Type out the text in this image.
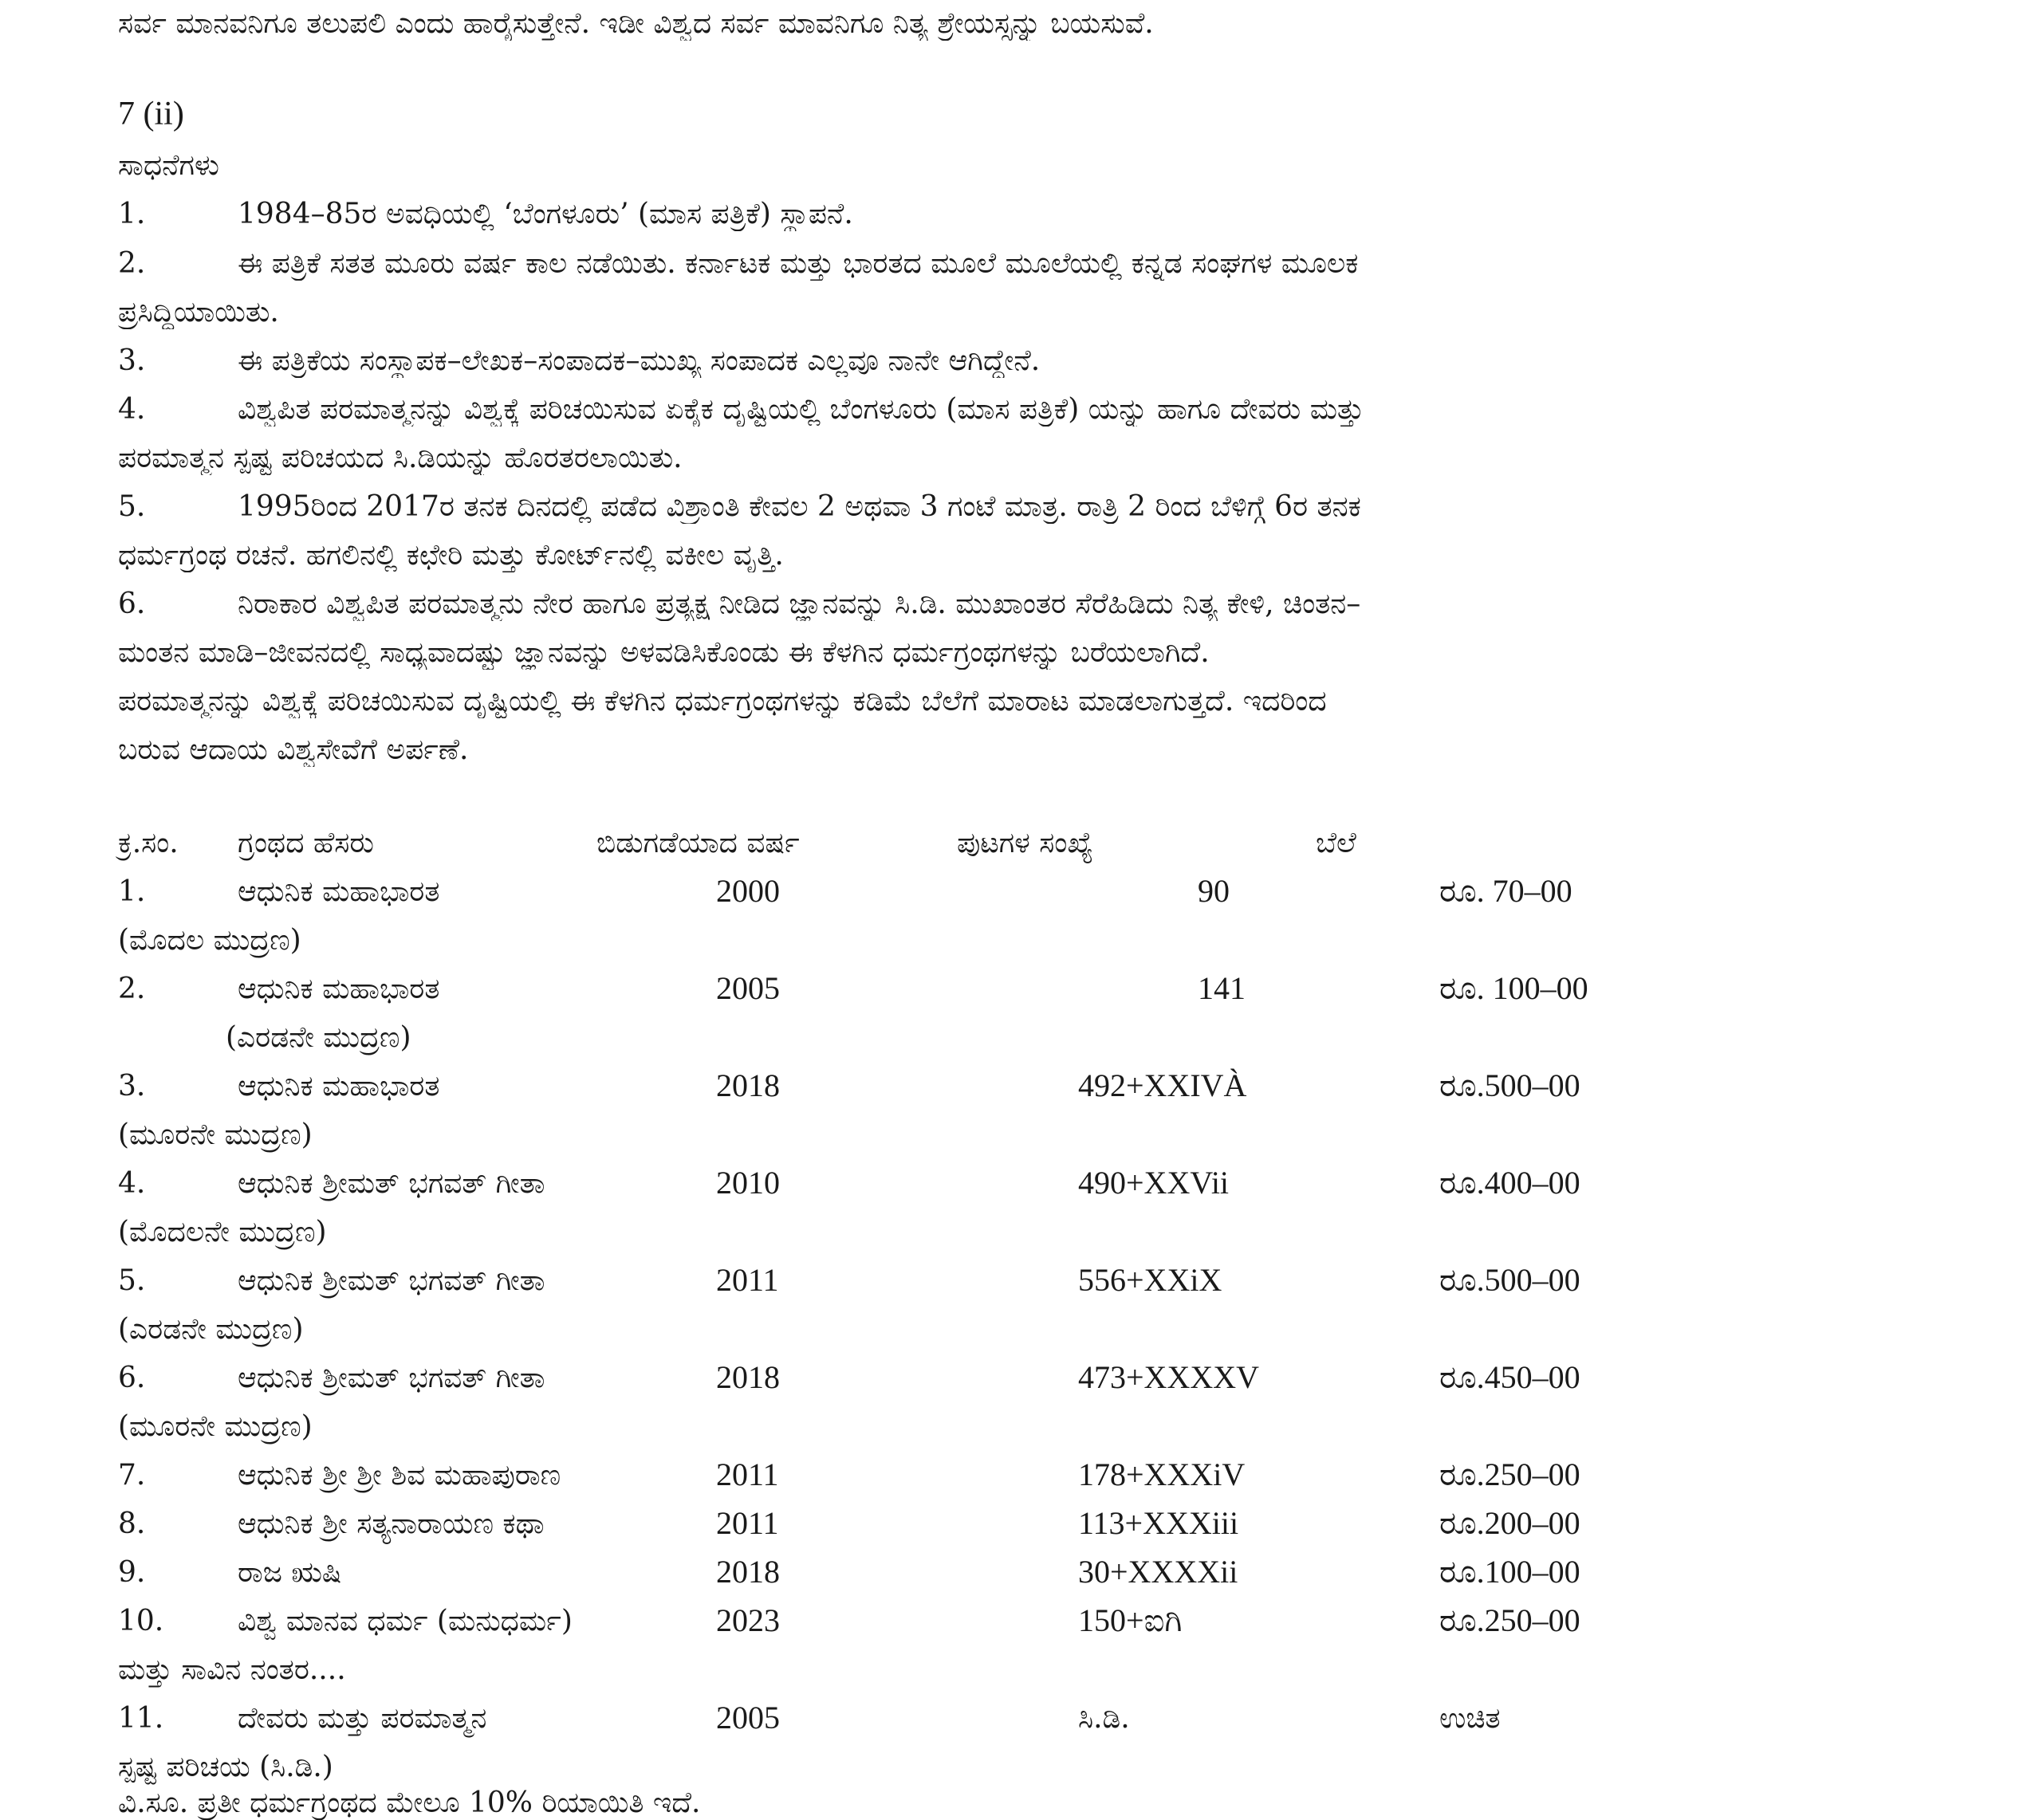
ಸರ್ವ ಮಾನವನಿಗೂ ತಲುಪಲಿ ಎಂದು ಹಾರೈಸುತ್ತೇನೆ. ಇಡೀ ವಿಶ್ವದ ಸರ್ವ ಮಾವನಿಗೂ ನಿತ್ಯ ಶ್ರೇಯಸ್ಸನ್ನು ಬಯಸುವೆ.
7 (ii)
ಸಾಧನೆಗಳು
1.	1984–85ರ ಅವಧಿಯಲ್ಲಿ ‘ಬೆಂಗಳೂರು’ (ಮಾಸ ಪತ್ರಿಕೆ) ಸ್ಥಾಪನೆ.
2.	ಈ ಪತ್ರಿಕೆ ಸತತ ಮೂರು ವರ್ಷ ಕಾಲ ನಡೆಯಿತು. ಕರ್ನಾಟಕ ಮತ್ತು ಭಾರತದ ಮೂಲೆ ಮೂಲೆಯಲ್ಲಿ ಕನ್ನಡ ಸಂಘಗಳ ಮೂಲಕ
ಪ್ರಸಿದ್ಧಿಯಾಯಿತು.
3.	ಈ ಪತ್ರಿಕೆಯ ಸಂಸ್ಥಾಪಕ–ಲೇಖಕ–ಸಂಪಾದಕ–ಮುಖ್ಯ ಸಂಪಾದಕ ಎಲ್ಲವೂ ನಾನೇ ಆಗಿದ್ದೇನೆ.
4.	ವಿಶ್ವಪಿತ ಪರಮಾತ್ಮನನ್ನು ವಿಶ್ವಕ್ಕೆ ಪರಿಚಯಿಸುವ ಏಕೈಕ ದೃಷ್ಟಿಯಲ್ಲಿ ಬೆಂಗಳೂರು (ಮಾಸ ಪತ್ರಿಕೆ) ಯನ್ನು ಹಾಗೂ ದೇವರು ಮತ್ತು
ಪರಮಾತ್ಮನ ಸ್ಪಷ್ಟ ಪರಿಚಯದ ಸಿ.ಡಿಯನ್ನು ಹೊರತರಲಾಯಿತು.
5.	1995ರಿಂದ 2017ರ ತನಕ ದಿನದಲ್ಲಿ ಪಡೆದ ವಿಶ್ರಾಂತಿ ಕೇವಲ 2 ಅಥವಾ 3 ಗಂಟೆ ಮಾತ್ರ. ರಾತ್ರಿ 2 ರಿಂದ ಬೆಳಿಗ್ಗೆ 6ರ ತನಕ
ಧರ್ಮಗ್ರಂಥ ರಚನೆ. ಹಗಲಿನಲ್ಲಿ ಕಛೇರಿ ಮತ್ತು ಕೋರ್ಟ್‌ನಲ್ಲಿ ವಕೀಲ ವೃತ್ತಿ.
6.	ನಿರಾಕಾರ ವಿಶ್ವಪಿತ ಪರಮಾತ್ಮನು ನೇರ ಹಾಗೂ ಪ್ರತ್ಯಕ್ಷ ನೀಡಿದ ಜ್ಞಾನವನ್ನು ಸಿ.ಡಿ. ಮುಖಾಂತರ ಸೆರೆಹಿಡಿದು ನಿತ್ಯ ಕೇಳಿ, ಚಿಂತನ–
ಮಂತನ ಮಾಡಿ–ಜೀವನದಲ್ಲಿ ಸಾಧ್ಯವಾದಷ್ಟು ಜ್ಞಾನವನ್ನು ಅಳವಡಿಸಿಕೊಂಡು ಈ ಕೆಳಗಿನ ಧರ್ಮಗ್ರಂಥಗಳನ್ನು ಬರೆಯಲಾಗಿದೆ.
ಪರಮಾತ್ಮನನ್ನು ವಿಶ್ವಕ್ಕೆ ಪರಿಚಯಿಸುವ ದೃಷ್ಟಿಯಲ್ಲಿ ಈ ಕೆಳಗಿನ ಧರ್ಮಗ್ರಂಥಗಳನ್ನು ಕಡಿಮೆ ಬೆಲೆಗೆ ಮಾರಾಟ ಮಾಡಲಾಗುತ್ತದೆ. ಇದರಿಂದ
ಬರುವ ಆದಾಯ ವಿಶ್ವಸೇವೆಗೆ ಅರ್ಪಣೆ.
ಕ್ರ.ಸಂ. ಗ್ರಂಥದ ಹೆಸರು	ಬಿಡುಗಡೆಯಾದ ವರ್ಷ	ಪುಟಗಳ ಸಂಖ್ಯೆ	ಬೆಲೆ
1.	ಆಧುನಿಕ ಮಹಾಭಾರತ	2000	90	ರೂ. 70–00
(ಮೊದಲ ಮುದ್ರಣ)
2.	ಆಧುನಿಕ ಮಹಾಭಾರತ	2005	141	ರೂ. 100–00
(ಎರಡನೇ ಮುದ್ರಣ)
3.	ಆಧುನಿಕ ಮಹಾಭಾರತ	2018	492+XXIVÀ	ರೂ.500–00
(ಮೂರನೇ ಮುದ್ರಣ)
4.	ಆಧುನಿಕ ಶ್ರೀಮತ್ ಭಗವತ್ ಗೀತಾ	2010	490+XXVii	ರೂ.400–00
(ಮೊದಲನೇ ಮುದ್ರಣ)
5.	ಆಧುನಿಕ ಶ್ರೀಮತ್ ಭಗವತ್ ಗೀತಾ	2011	556+XXiX	ರೂ.500–00
(ಎರಡನೇ ಮುದ್ರಣ)
6.	ಆಧುನಿಕ ಶ್ರೀಮತ್ ಭಗವತ್ ಗೀತಾ	2018	473+XXXXV	ರೂ.450–00
(ಮೂರನೇ ಮುದ್ರಣ)
7.	ಆಧುನಿಕ ಶ್ರೀ ಶ್ರೀ ಶಿವ ಮಹಾಪುರಾಣ	2011	178+XXXiV	ರೂ.250–00
8.	ಆಧುನಿಕ ಶ್ರೀ ಸತ್ಯನಾರಾಯಣ ಕಥಾ	2011	113+XXXiii	ರೂ.200–00
9.	ರಾಜ ಋಷಿ	2018	30+XXXXii	ರೂ.100–00
10.	ವಿಶ್ವ ಮಾನವ ಧರ್ಮ (ಮನುಧರ್ಮ)	2023	150+ಐಗಿ	ರೂ.250–00
ಮತ್ತು ಸಾವಿನ ನಂತರ....
11.	ದೇವರು ಮತ್ತು ಪರಮಾತ್ಮನ	2005	ಸಿ.ಡಿ.	ಉಚಿತ
ಸ್ಪಷ್ಟ ಪರಿಚಯ (ಸಿ.ಡಿ.)
ವಿ.ಸೂ. ಪ್ರತೀ ಧರ್ಮಗ್ರಂಥದ ಮೇಲೂ 10% ರಿಯಾಯಿತಿ ಇದೆ.
